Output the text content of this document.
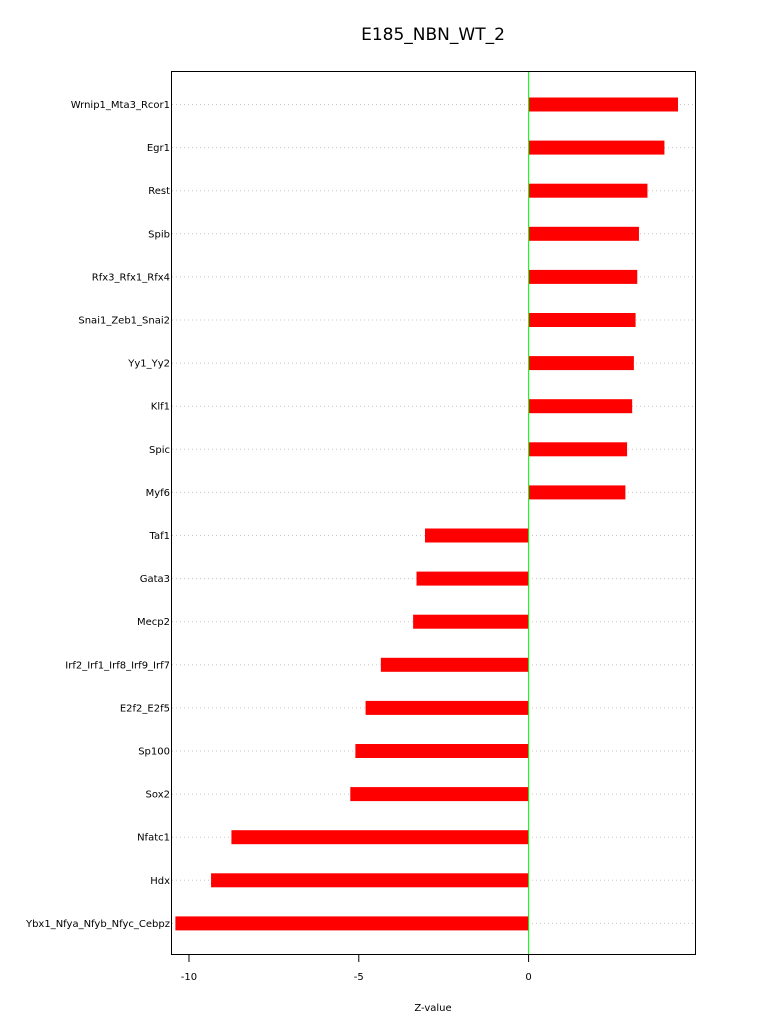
E185_NBN_WT_2
Wrnip1_Mta3_Rcor1
Egr1
Rest
Spib
Rfx3_Rfx1_Rfx4
Snai1_Zeb1_Snai2
Yy1_Yy2
Klf1
Spic
Myf6
Taf1
Gata3
Mecp2
Irf2_Irf1_Irf8_Irf9_Irf7
E2f2_E2f5
Sp100
Sox2
Nfatc1
Hdx
Ybx1_Nfya_Nfyb_Nfyc_Cebpz
-10	-5	0
Z-value
